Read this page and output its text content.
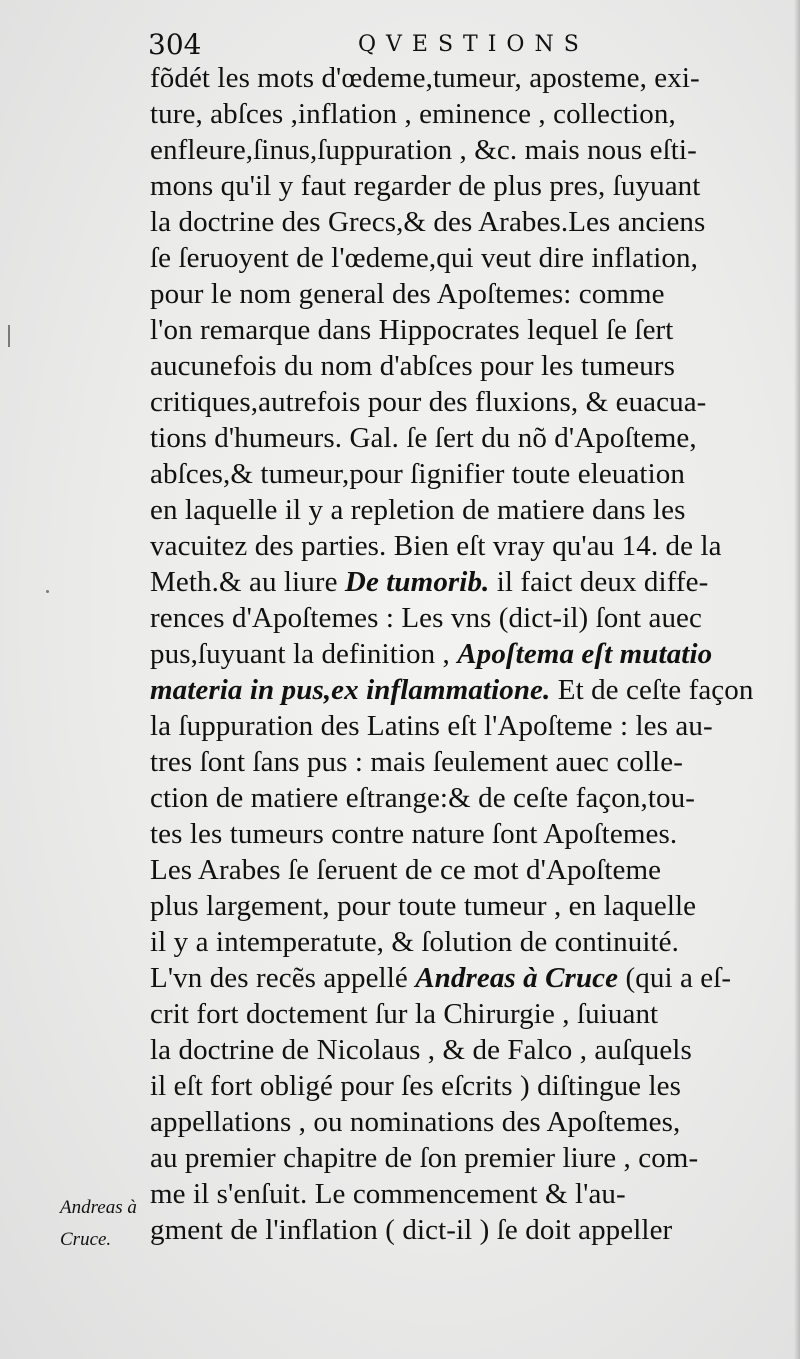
304	QVESTIONS
fõdét les mots d'œdeme,tumeur, aposteme, exi-
ture, abſces ,inflation , eminence , collection,
enfleure,ſinus,ſuppuration , &c. mais nous eſti-
mons qu'il y faut regarder de plus pres, ſuyuant
la doctrine des Grecs,& des Arabes.Les anciens
ſe ſeruoyent de l'œdeme,qui veut dire inflation,
pour le nom general des Apoſtemes: comme
l'on remarque dans Hippocrates lequel ſe ſert
aucunefois du nom d'abſces pour les tumeurs
critiques,autrefois pour des fluxions, & euacua-
tions d'humeurs. Gal. ſe ſert du nõ d'Apoſteme,
abſces,& tumeur,pour ſignifier toute eleuation
en laquelle il y a repletion de matiere dans les
vacuitez des parties. Bien eſt vray qu'au 14. de la
Meth.& au liure De tumorib. il faict deux diffe-
rences d'Apoſtemes : Les vns (dict-il) ſont auec
pus,ſuyuant la definition , Apoſtema eſt mutatio
materia in pus,ex inflammatione. Et de ceſte façon
la ſuppuration des Latins eſt l'Apoſteme : les au-
tres ſont ſans pus : mais ſeulement auec colle-
ction de matiere eſtrange:& de ceſte façon,tou-
tes les tumeurs contre nature ſont Apoſtemes.
Les Arabes ſe ſeruent de ce mot d'Apoſteme
plus largement, pour toute tumeur , en laquelle
il y a intemperatute, & ſolution de continuité.
L'vn des recẽs appellé Andreas à Cruce (qui a eſ-
crit fort doctement ſur la Chirurgie , ſuiuant
la doctrine de Nicolaus , & de Falco , auſquels
il eſt fort obligé pour ſes eſcrits ) diſtingue les
appellations , ou nominations des Apoſtemes,
au premier chapitre de ſon premier liure , com-
me il s'enſuit. Le commencement & l'au-
gment de l'inflation ( dict-il ) ſe doit appeller
Andreas à
Cruce.
